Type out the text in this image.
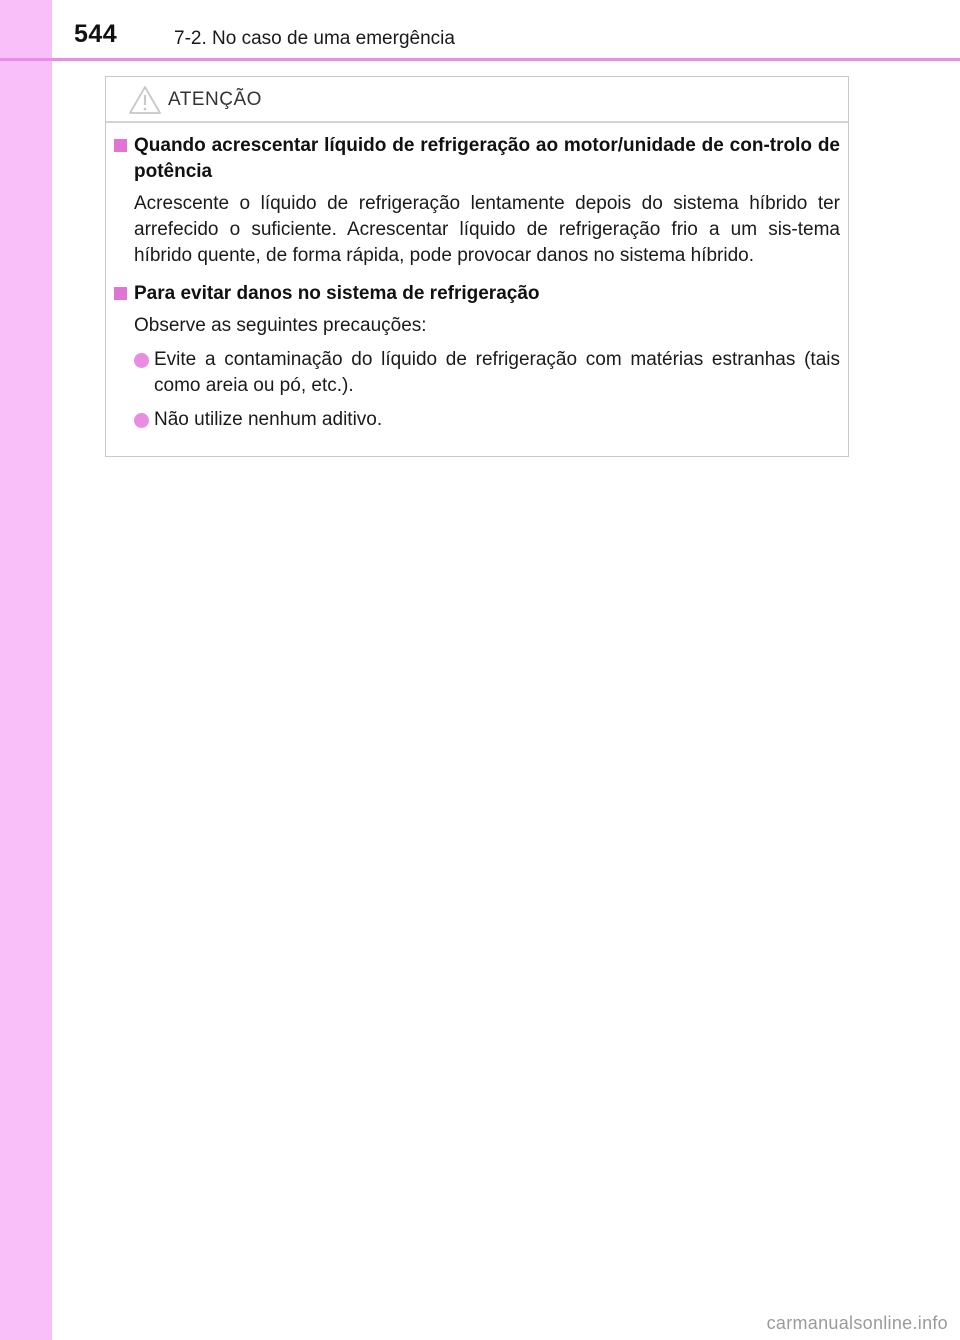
544	7-2. No caso de uma emergência
ATENÇÃO
Quando acrescentar líquido de refrigeração ao motor/unidade de con-trolo de potência
Acrescente o líquido de refrigeração lentamente depois do sistema híbrido ter arrefecido o suficiente. Acrescentar líquido de refrigeração frio a um sis-tema híbrido quente, de forma rápida, pode provocar danos no sistema híbrido.
Para evitar danos no sistema de refrigeração
Observe as seguintes precauções:
Evite a contaminação do líquido de refrigeração com matérias estranhas (tais como areia ou pó, etc.).
Não utilize nenhum aditivo.
carmanualsonline.info
